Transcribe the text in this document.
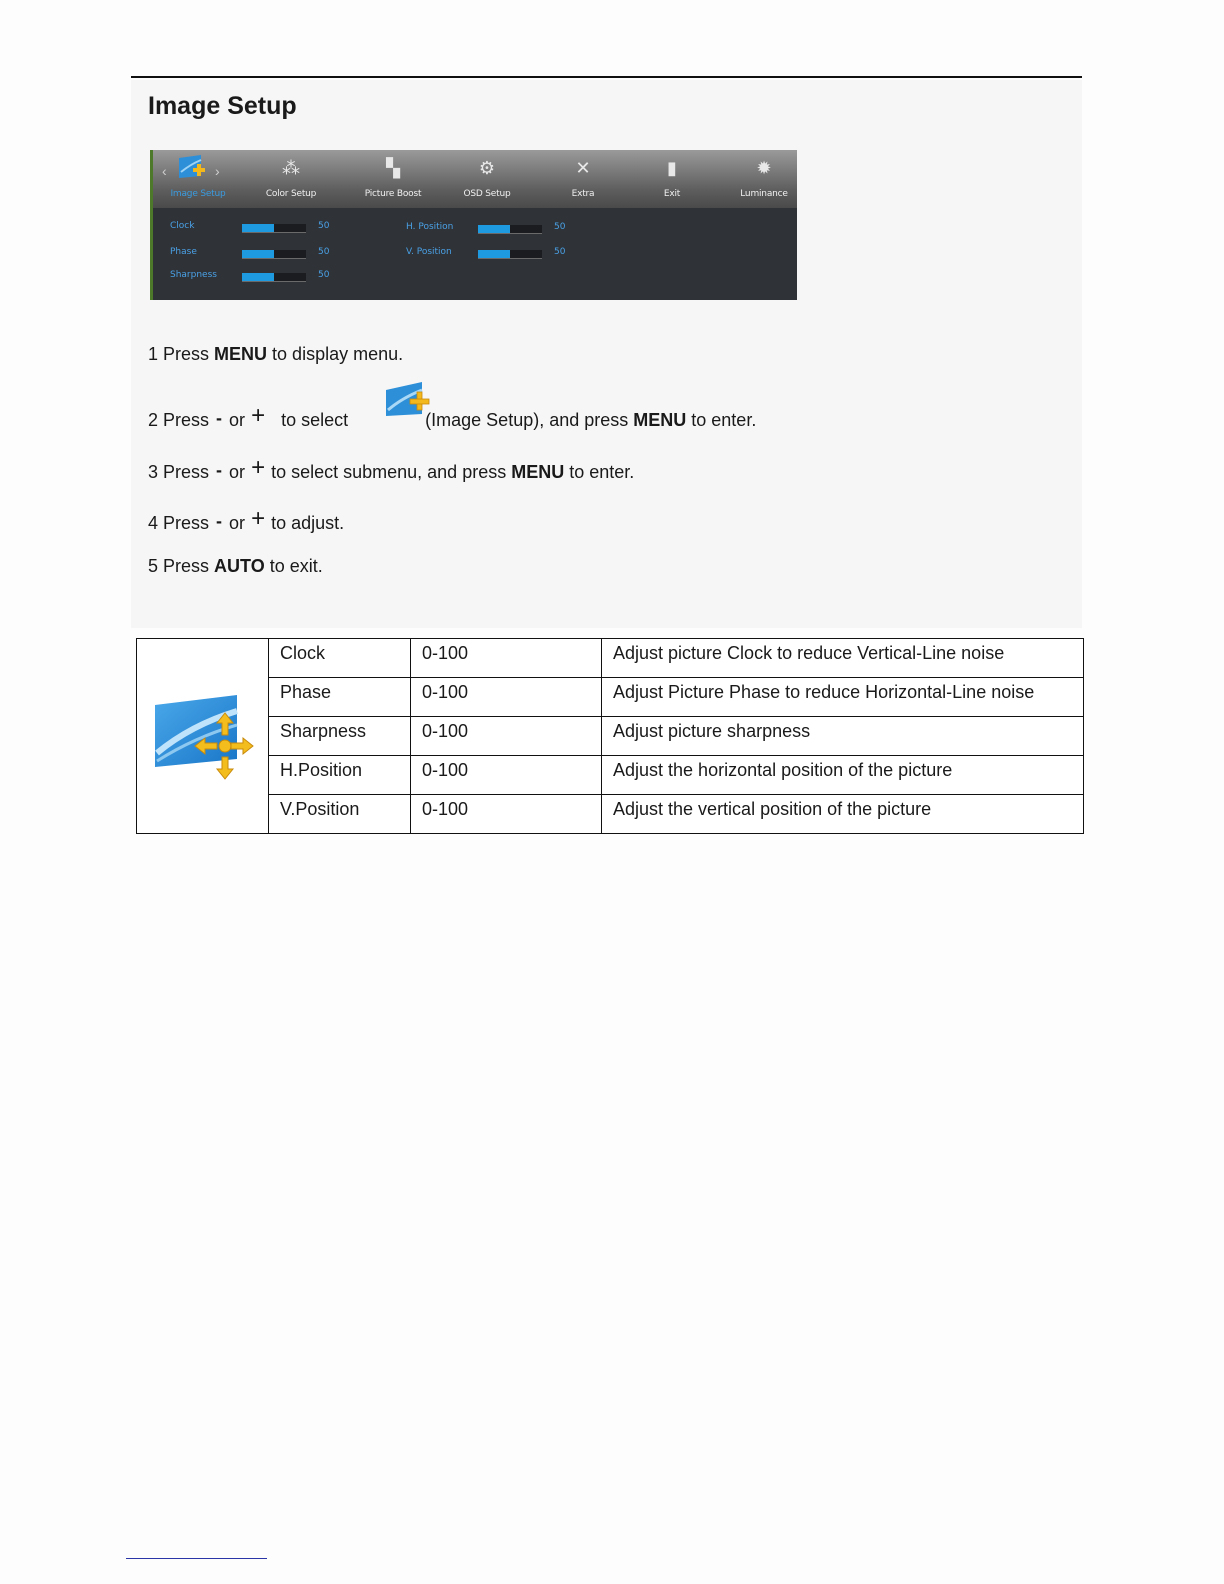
Image Setup
‹	›
Image Setup
⁂
Color Setup
▚
Picture Boost
⚙
OSD Setup
✕
Extra
▮
Exit
✹
Luminance
Clock	50
Phase	50
Sharpness	50
H. Position	50
V. Position	50
1 Press MENU to display menu.
2 Press - or +   to select	(Image Setup), and press MENU to enter.
3 Press - or + to select submenu, and press MENU to enter.
4 Press - or + to adjust.
5 Press AUTO to exit.
	Clock	0-100	Adjust picture Clock to reduce Vertical-Line noise
	Phase	0-100	Adjust Picture Phase to reduce Horizontal-Line noise
	Sharpness	0-100	Adjust picture sharpness
	H.Position	0-100	Adjust the horizontal position of the picture
	V.Position	0-100	Adjust the vertical position of the picture
